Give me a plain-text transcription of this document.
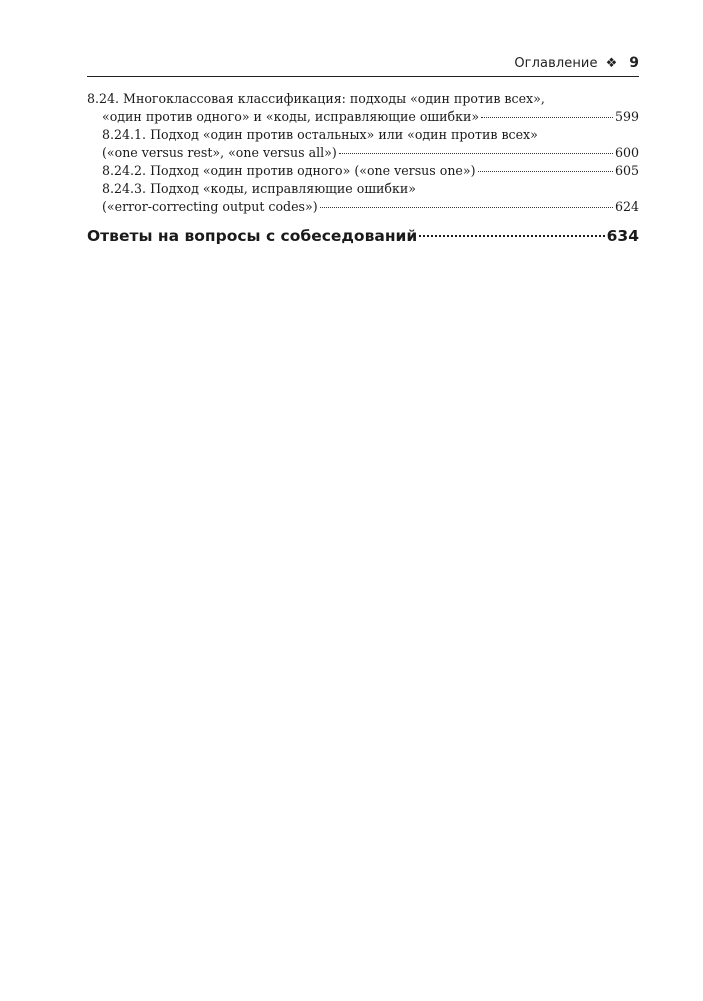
Оглавление ❖ 9
8.24. Многоклассовая классификация: подходы «один против всех»,
«один против одного» и «коды, исправляющие ошибки»	599
8.24.1. Подход «один против остальных» или «один против всех»
(«one versus rest», «one versus all»)	600
8.24.2. Подход «один против одного» («one versus one»)	605
8.24.3. Подход «коды, исправляющие ошибки»
(«error-correcting output codes»)	624
Ответы на вопросы с собеседований	634
